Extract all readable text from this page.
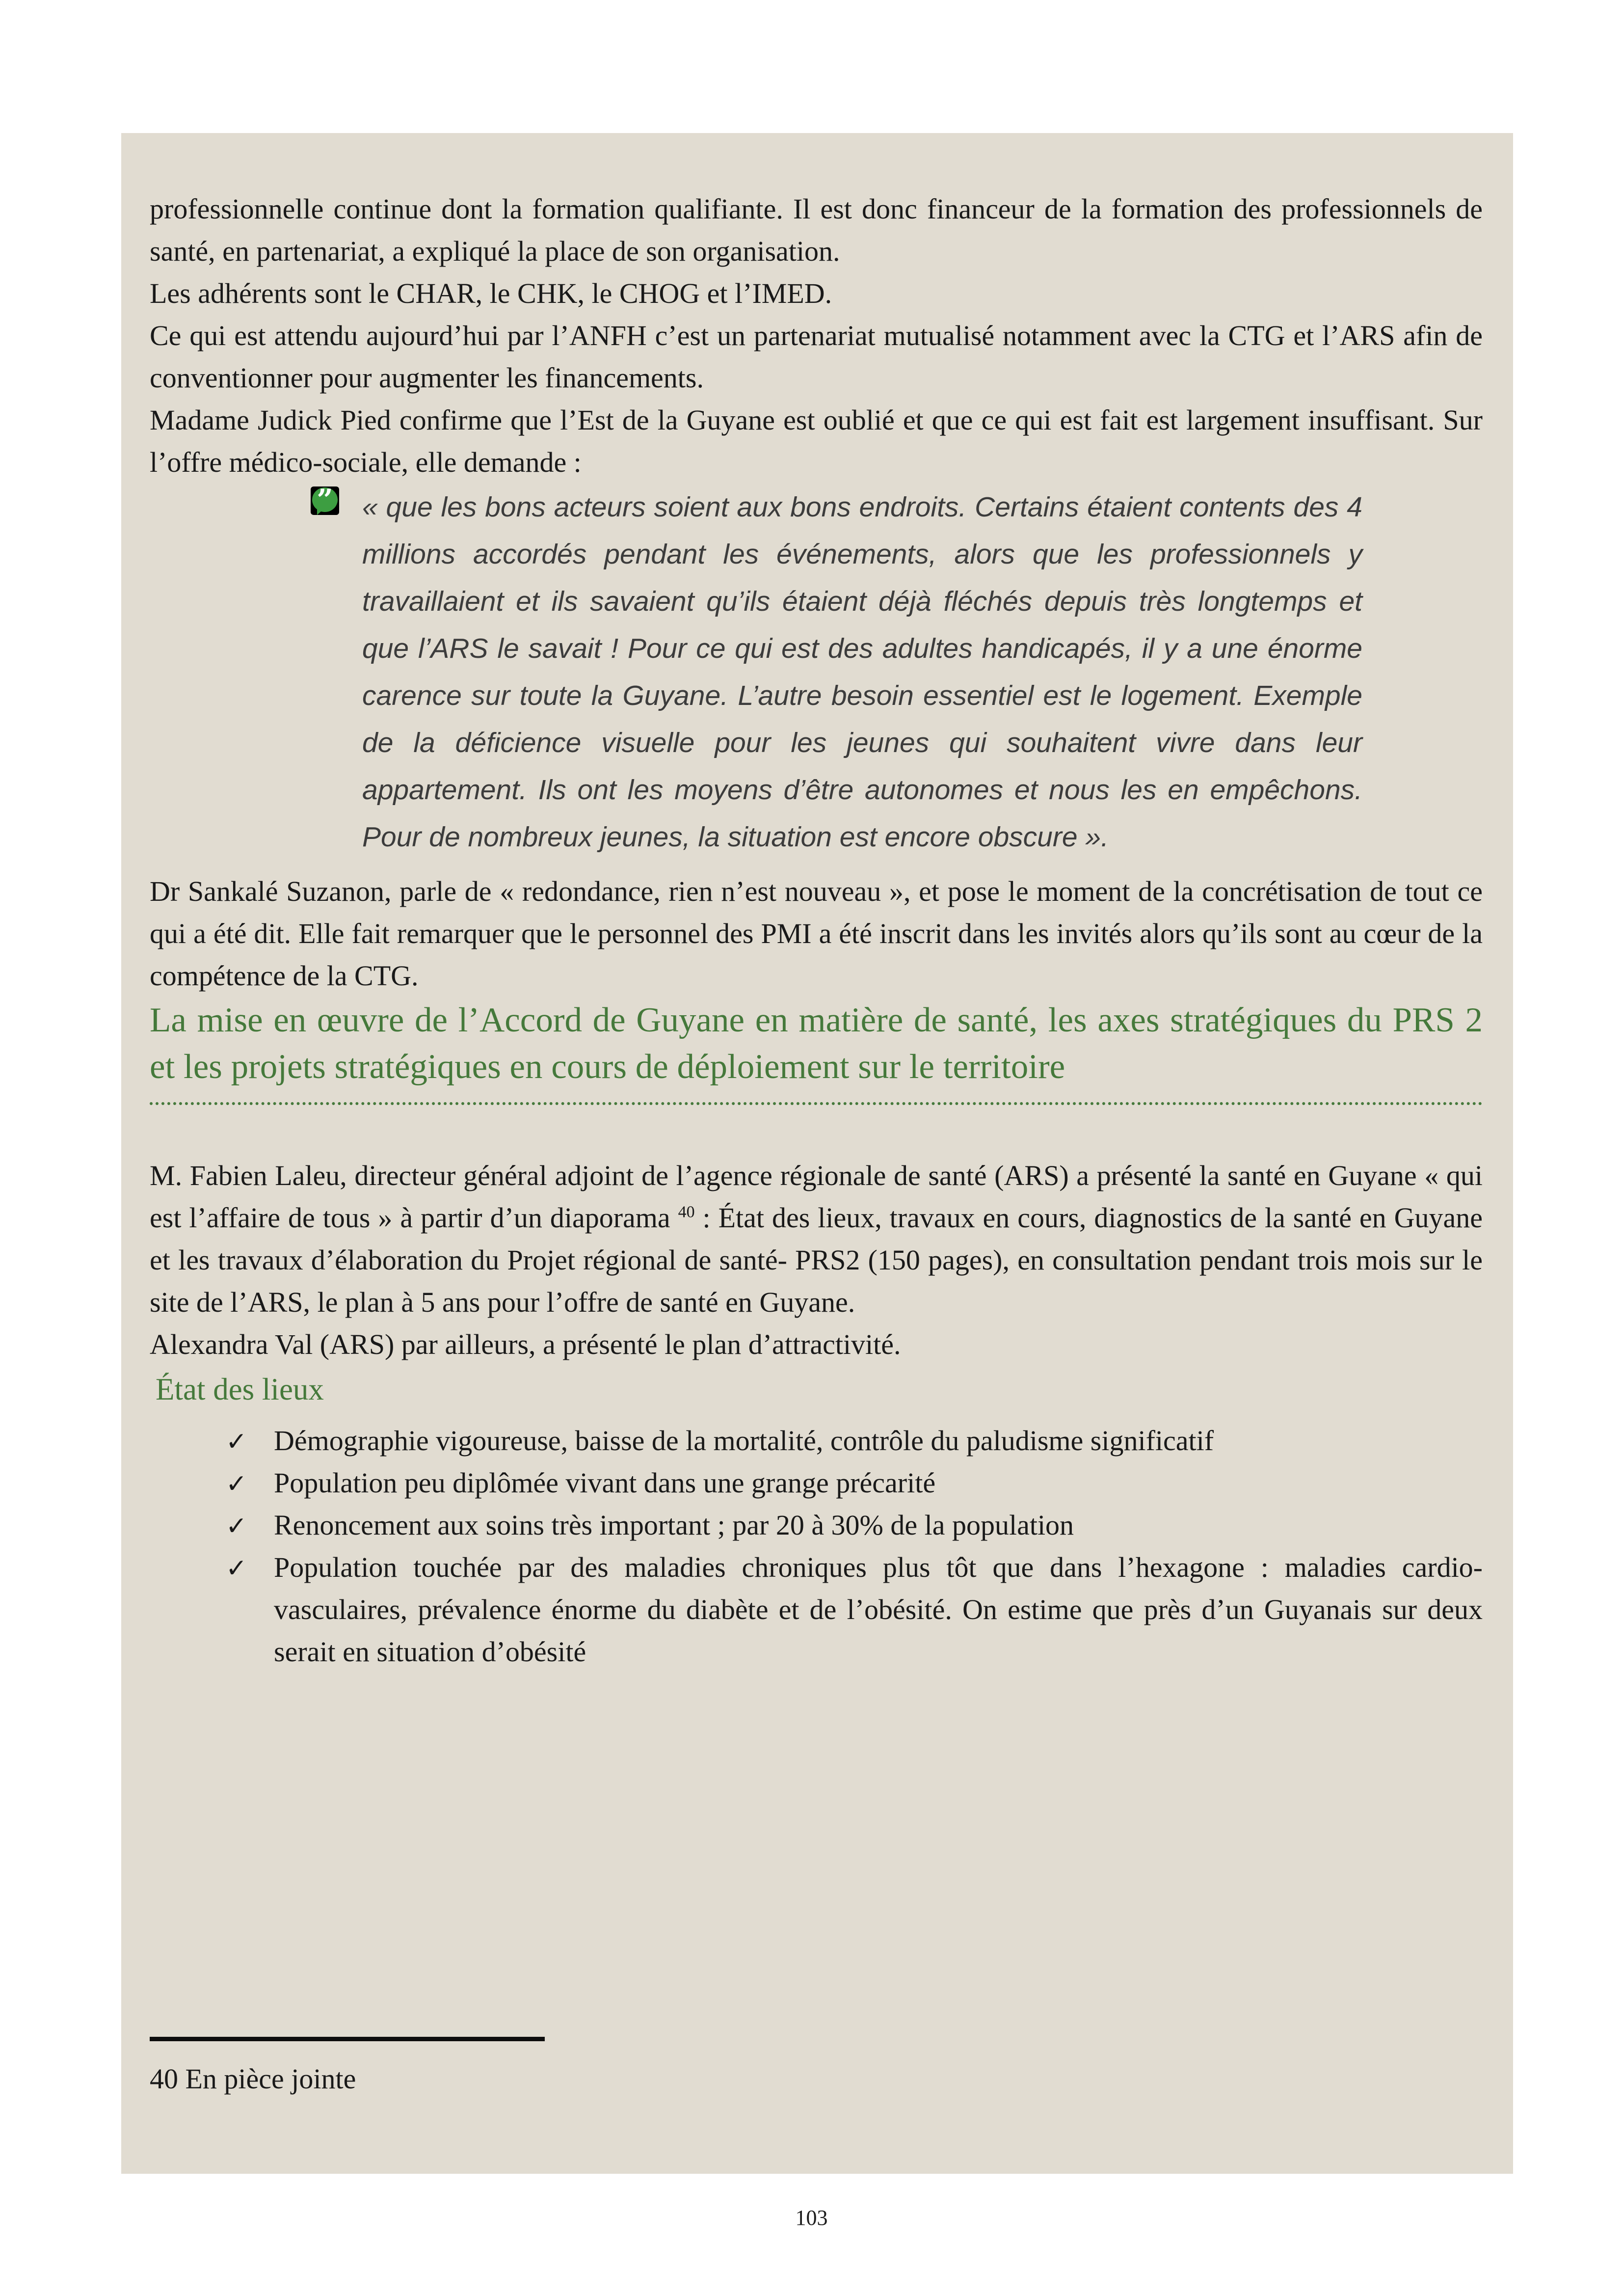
professionnelle continue dont la formation qualifiante. Il est donc financeur de la formation des professionnels de santé, en partenariat, a expliqué la place de son organisation.

Les adhérents sont le CHAR, le CHK, le CHOG et l’IMED.

Ce qui est attendu aujourd’hui par l’ANFH c’est un partenariat mutualisé notamment avec la CTG et l’ARS afin de conventionner pour augmenter les financements.

Madame Judick Pied confirme que l’Est de la Guyane est oublié et que ce qui est fait est largement insuffisant. Sur l’offre médico-sociale, elle demande :

” « que les bons acteurs soient aux bons endroits. Certains étaient contents des 4 millions accordés pendant les événements, alors que les professionnels y travaillaient et ils savaient qu’ils étaient déjà fléchés depuis très longtemps et que l’ARS le savait ! Pour ce qui est des adultes handicapés, il y a une énorme carence sur toute la Guyane. L’autre besoin essentiel est le logement. Exemple de la déficience visuelle pour les jeunes qui souhaitent vivre dans leur appartement. Ils ont les moyens d’être autonomes et nous les en empêchons. Pour de nombreux jeunes, la situation est encore obscure ».

Dr Sankalé Suzanon, parle de « redondance, rien n’est nouveau », et pose le moment de la concrétisation de tout ce qui a été dit. Elle fait remarquer que le personnel des PMI a été inscrit dans les invités alors qu’ils sont au cœur de la compétence de la CTG.

La mise en œuvre de l’Accord de Guyane en matière de santé, les axes stratégiques du PRS 2 et les projets stratégiques en cours de déploiement sur le territoire

M. Fabien Laleu, directeur général adjoint de l’agence régionale de santé (ARS) a présenté la santé en Guyane « qui est l’affaire de tous » à partir d’un diaporama $^{40}$ : État des lieux, travaux en cours, diagnostics de la santé en Guyane et les travaux d’élaboration du Projet régional de santé- PRS2 (150 pages), en consultation pendant trois mois sur le site de l’ARS, le plan à 5 ans pour l’offre de santé en Guyane.

Alexandra Val (ARS) par ailleurs, a présenté le plan d’attractivité.

État des lieux
✓ Démographie vigoureuse, baisse de la mortalité, contrôle du paludisme significatif
✓ Population peu diplômée vivant dans une grange précarité
✓ Renoncement aux soins très important ; par 20 à 30% de la population
✓ Population touchée par des maladies chroniques plus tôt que dans l’hexagone : maladies cardio-vasculaires, prévalence énorme du diabète et de l’obésité. On estime que près d’un Guyanais sur deux serait en situation d’obésité

40 En pièce jointe

103
